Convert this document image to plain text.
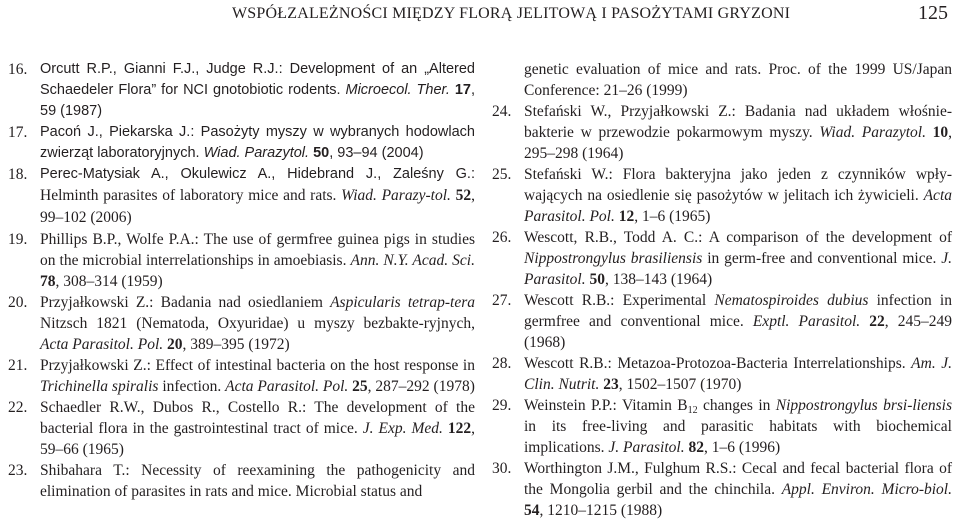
WSPÓŁZALEŻNOŚCI MIĘDZY FLORĄ JELITOWĄ I PASOŻYTAMI GRYZONI	125
16. Orcutt R.P., Gianni F.J., Judge R.J.: Development of an „Altered Schaedeler Flora” for NCI gnotobiotic rodents. Microecol. Ther. 17, 59 (1987)
17. Pacoń J., Piekarska J.: Pasożyty myszy w wybranych hodowlach zwierząt laboratoryjnych. Wiad. Parazytol. 50, 93–94 (2004)
18. Perec-Matysiak A., Okulewicz A., Hidebrand J., Zaleśny G.: Helminth parasites of laboratory mice and rats. Wiad. Parazy-tol. 52, 99–102 (2006)
19. Phillips B.P., Wolfe P.A.: The use of germfree guinea pigs in studies on the microbial interrelationships in amoebiasis. Ann. N.Y. Acad. Sci. 78, 308–314 (1959)
20. Przyjałkowski Z.: Badania nad osiedlaniem Aspicularis tetrap-tera Nitzsch 1821 (Nematoda, Oxyuridae) u myszy bezbakte-ryjnych, Acta Parasitol. Pol. 20, 389–395 (1972)
21. Przyjałkowski Z.: Effect of intestinal bacteria on the host response in Trichinella spiralis infection. Acta Parasitol. Pol. 25, 287–292 (1978)
22. Schaedler R.W., Dubos R., Costello R.: The development of the bacterial flora in the gastrointestinal tract of mice. J. Exp. Med. 122, 59–66 (1965)
23. Shibahara T.: Necessity of reexamining the pathogenicity and elimination of parasites in rats and mice. Microbial status and
genetic evaluation of mice and rats. Proc. of the 1999 US/Japan Conference: 21–26 (1999)
24. Stefański W., Przyjałkowski Z.: Badania nad układem włośnie-bakterie w przewodzie pokarmowym myszy. Wiad. Parazytol. 10, 295–298 (1964)
25. Stefański W.: Flora bakteryjna jako jeden z czynników wpły-wających na osiedlenie się pasożytów w jelitach ich żywicieli. Acta Parasitol. Pol. 12, 1–6 (1965)
26. Wescott, R.B., Todd A. C.: A comparison of the development of Nippostrongylus brasiliensis in germ-free and conventional mice. J. Parasitol. 50, 138–143 (1964)
27. Wescott R.B.: Experimental Nematospiroides dubius infection in germfree and conventional mice. Exptl. Parasitol. 22, 245–249 (1968)
28. Wescott R.B.: Metazoa-Protozoa-Bacteria Interrelationships. Am. J. Clin. Nutrit. 23, 1502–1507 (1970)
29. Weinstein P.P.: Vitamin $B_{12}$ changes in Nippostrongylus brsi-liensis in its free-living and parasitic habitats with biochemical implications. J. Parasitol. 82, 1–6 (1996)
30. Worthington J.M., Fulghum R.S.: Cecal and fecal bacterial flora of the Mongolia gerbil and the chinchila. Appl. Environ. Micro-biol. 54, 1210–1215 (1988)
